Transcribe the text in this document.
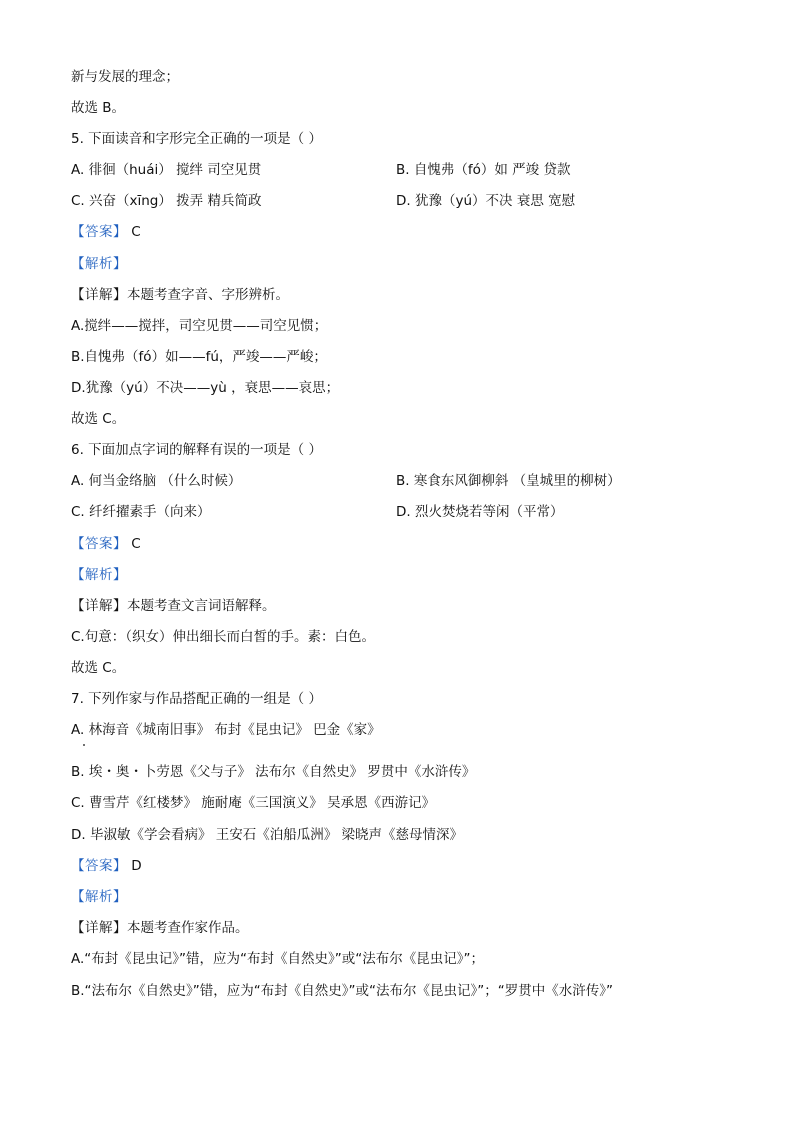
新与发展的理念；
故选 B。
5. 下面读音和字形完全正确的一项是（ ）
A. 徘徊（huái） 搅绊 司空见贯	B. 自愧弗（fó）如 严竣 贷款
C. 兴奋（xīng） 拨弄 精兵简政	D. 犹豫（yú）不决 衰思 宽慰
【答案】 C
【解析】
【详解】本题考查字音、字形辨析。
A.搅绊——搅拌，司空见贯——司空见惯；
B.自愧弗（fó）如——fú，严竣——严峻；
D.犹豫（yú）不决——yù ，衰思——哀思；
故选 C。
6. 下面加点字词的解释有误的一项是（ ）
A. 何当金络脑 （什么时候）	B. 寒食东风御柳斜 （皇城里的柳树）
C. 纤纤擢素手（向来）	D. 烈火焚烧若等闲（平常）
【答案】 C
【解析】
【详解】本题考查文言词语解释。
C.句意：（织女）伸出细长而白皙的手。素：白色。
故选 C。
7. 下列作家与作品搭配正确的一组是（ ）
A. 林海音《城南旧事》 布封《昆虫记》 巴金《家》
B. 埃・奥・卜劳恩《父与子》 法布尔《自然史》 罗贯中《水浒传》
C. 曹雪芹《红楼梦》 施耐庵《三国演义》 吴承恩《西游记》
D. 毕淑敏《学会看病》 王安石《泊船瓜洲》 梁晓声《慈母情深》
【答案】 D
【解析】
【详解】本题考查作家作品。
A.“布封《昆虫记》”错，应为“布封《自然史》”或“法布尔《昆虫记》”；
B.“法布尔《自然史》”错，应为“布封《自然史》”或“法布尔《昆虫记》”；“罗贯中《水浒传》”
